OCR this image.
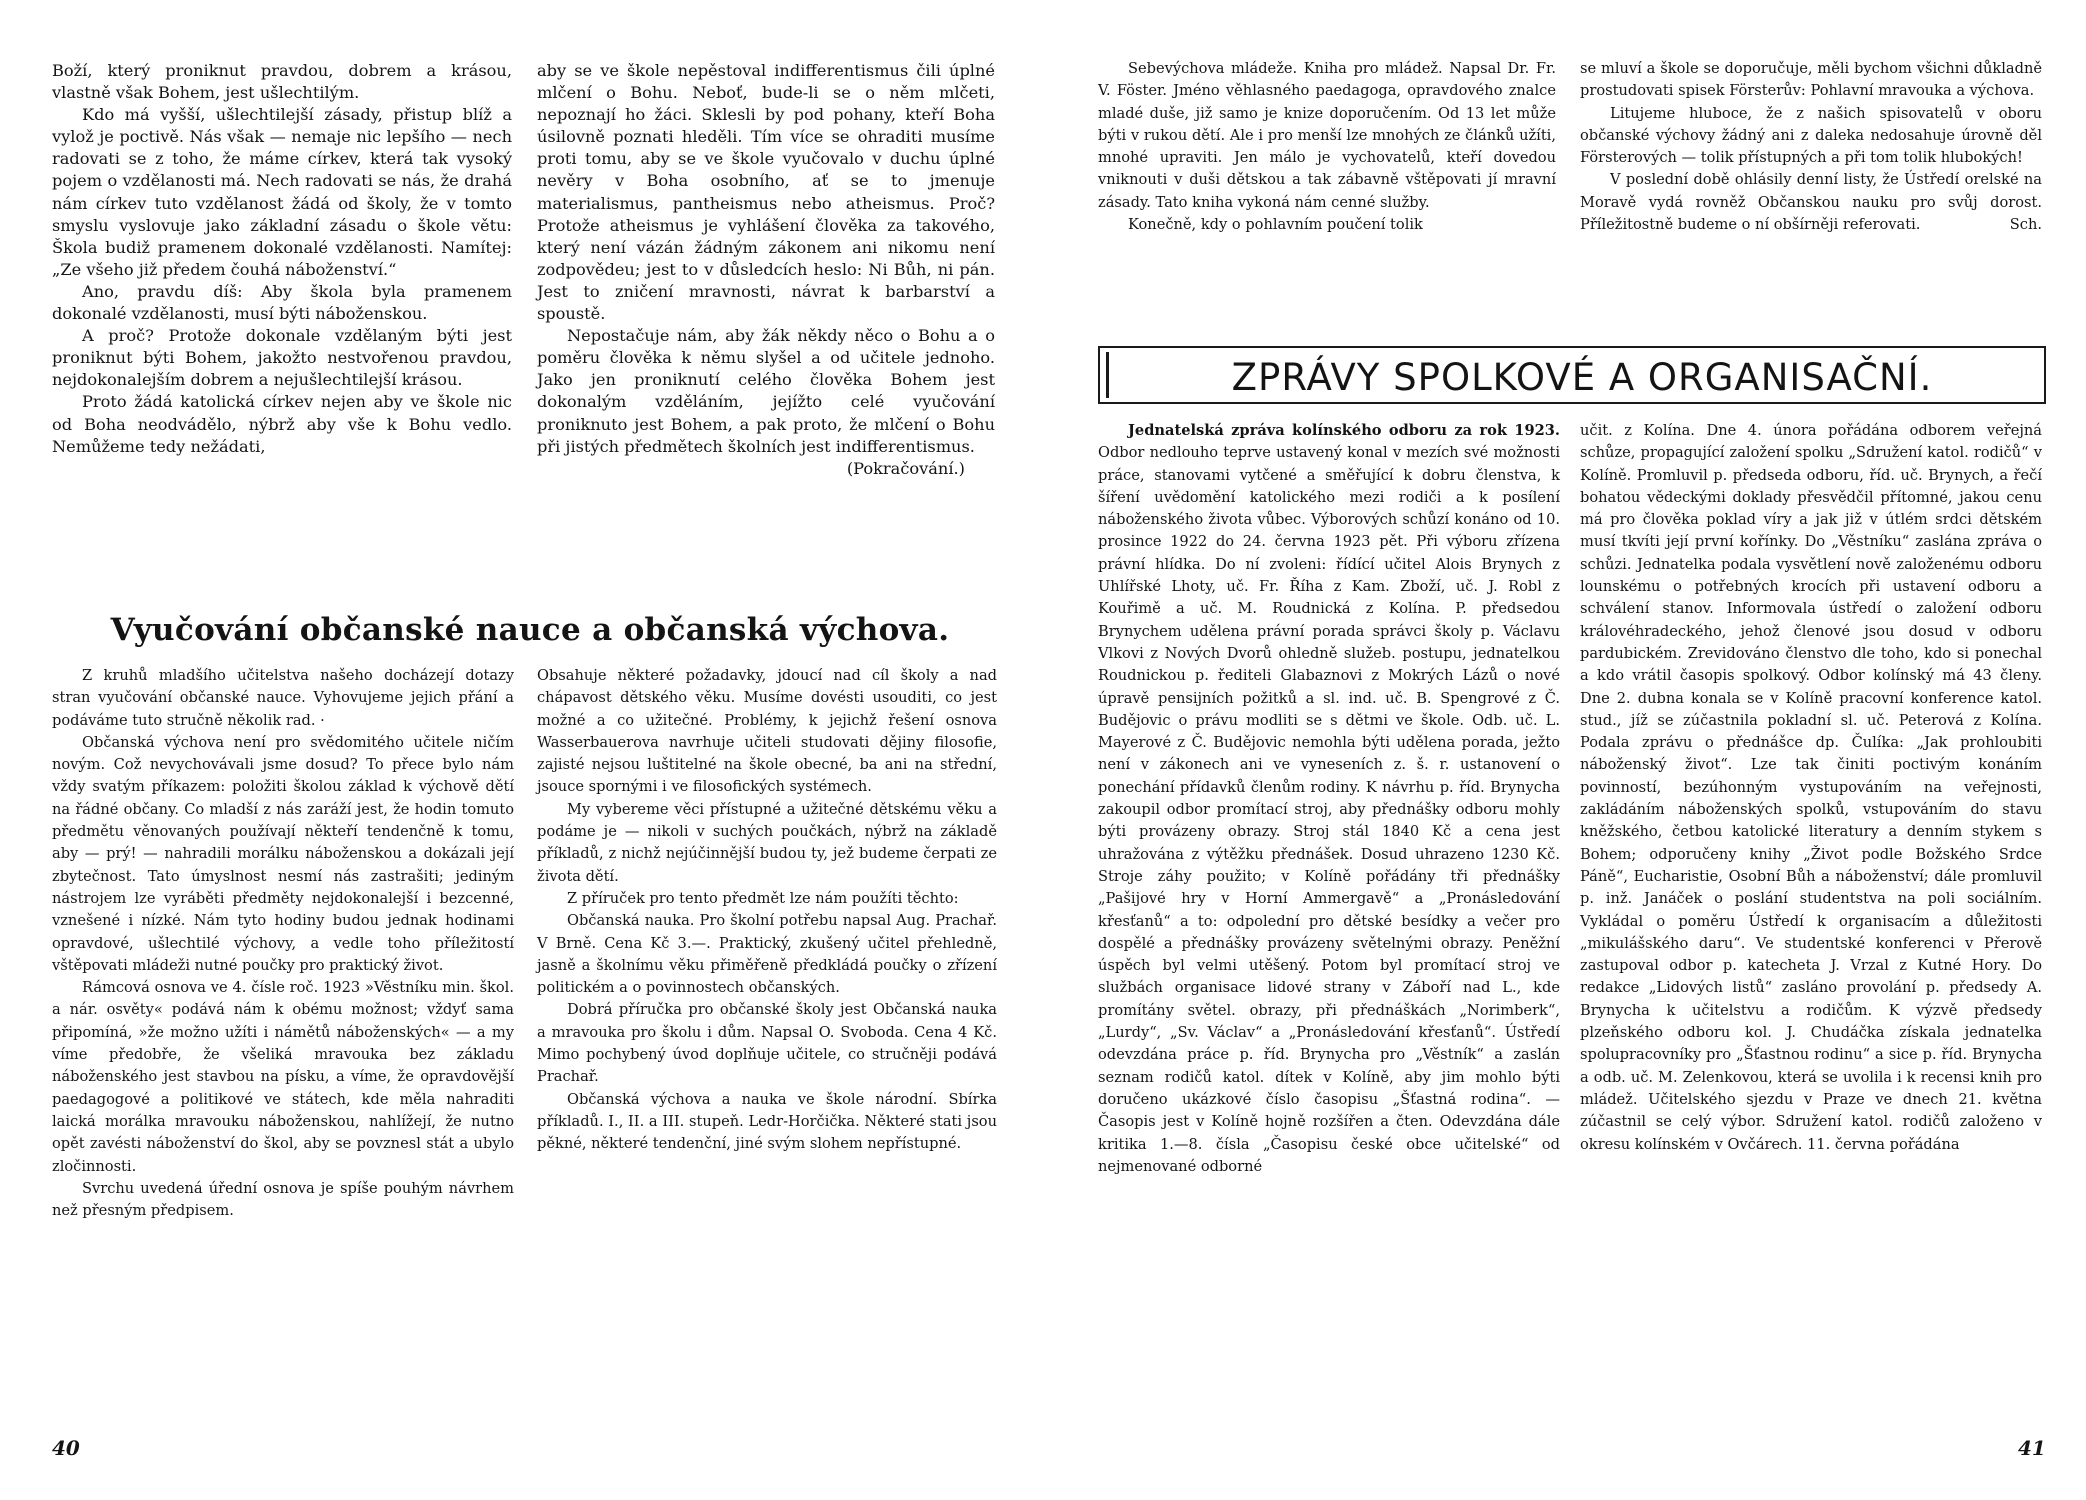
Boží, který proniknut pravdou, dobrem a krásou, vlastně však Bohem, jest ušlechtilým.

Kdo má vyšší, ušlechtilejší zásady, přistup blíž a vylož je poctivě. Nás však — nemaje nic lepšího — nech radovati se z toho, že máme církev, která tak vysoký pojem o vzdělanosti má. Nech radovati se nás, že drahá nám církev tuto vzdělanost žádá od školy, že v tomto smyslu vyslovuje jako základní zásadu o škole větu: Škola budiž pramenem dokonalé vzdělanosti. Namítej: „Ze všeho již předem čouhá náboženství.“

Ano, pravdu díš: Aby škola byla pramenem dokonalé vzdělanosti, musí býti náboženskou.

A proč? Protože dokonale vzdělaným býti jest proniknut býti Bohem, jakožto nestvořenou pravdou, nejdokonalejším dobrem a nejušlechtilejší krásou.

Proto žádá katolická církev nejen aby ve škole nic od Boha neodvádělo, nýbrž aby vše k Bohu vedlo. Nemůžeme tedy nežádati,

aby se ve škole nepěstoval indifferentismus čili úplné mlčení o Bohu. Neboť, bude-li se o něm mlčeti, nepoznají ho žáci. Sklesli by pod pohany, kteří Boha úsilovně poznati hleděli. Tím více se ohraditi musíme proti tomu, aby se ve škole vyučovalo v duchu úplné nevěry v Boha osobního, ať se to jmenuje materialismus, pantheismus nebo atheismus. Proč? Protože atheismus je vyhlášení člověka za takového, který není vázán žádným zákonem ani nikomu není zodpovědeu; jest to v důsledcích heslo: Ni Bůh, ni pán. Jest to zničení mravnosti, návrat k barbarství a spoustě.

Nepostačuje nám, aby žák někdy něco o Bohu a o poměru člověka k němu slyšel a od učitele jednoho. Jako jen proniknutí celého člověka Bohem jest dokonalým vzděláním, jejížto celé vyučování proniknuto jest Bohem, a pak proto, že mlčení o Bohu při jistých předmětech školních jest indifferentismus.

(Pokračování.)

Vyučování občanské nauce a občanská výchova.

Z kruhů mladšího učitelstva našeho docházejí dotazy stran vyučování občanské nauce. Vyhovujeme jejich přání a podáváme tuto stručně několik rad. ·

Občanská výchova není pro svědomitého učitele ničím novým. Což nevychovávali jsme dosud? To přece bylo nám vždy svatým příkazem: položiti školou základ k výchově dětí na řádné občany. Co mladší z nás zaráží jest, že hodin tomuto předmětu věnovaných používají někteří tendenčně k tomu, aby — prý! — nahradili morálku náboženskou a dokázali její zbytečnost. Tato úmyslnost nesmí nás zastrašiti; jediným nástrojem lze vyráběti předměty nejdokonalejší i bezcenné, vznešené i nízké. Nám tyto hodiny budou jednak hodinami opravdové, ušlechtilé výchovy, a vedle toho příležitostí vštěpovati mládeži nutné poučky pro praktický život.

Rámcová osnova ve 4. čísle roč. 1923 »Věstníku min. škol. a nár. osvěty« podává nám k obému možnost; vždyť sama připomíná, »že možno užíti i námětů náboženských« — a my víme předobře, že všeliká mravouka bez základu náboženského jest stavbou na písku, a víme, že opravdovější paedagogové a politikové ve státech, kde měla nahraditi laická morálka mravouku náboženskou, nahlížejí, že nutno opět zavésti náboženství do škol, aby se povznesl stát a ubylo zločinnosti.

Svrchu uvedená úřední osnova je spíše pouhým návrhem než přesným předpisem.

Obsahuje některé požadavky, jdoucí nad cíl školy a nad chápavost dětského věku. Musíme dovésti usouditi, co jest možné a co užitečné. Problémy, k jejichž řešení osnova Wasserbauerova navrhuje učiteli studovati dějiny filosofie, zajisté nejsou luštitelné na škole obecné, ba ani na střední, jsouce spornými i ve filosofických systémech.

My vybereme věci přístupné a užitečné dětskému věku a podáme je — nikoli v suchých poučkách, nýbrž na základě příkladů, z nichž nejúčinnější budou ty, jež budeme čerpati ze života dětí.

Z příruček pro tento předmět lze nám použíti těchto:

Občanská nauka. Pro školní potřebu napsal Aug. Prachař. V Brně. Cena Kč 3.—. Praktický, zkušený učitel přehledně, jasně a školnímu věku přiměřeně předkládá poučky o zřízení politickém a o povinnostech občanských.

Dobrá příručka pro občanské školy jest Občanská nauka a mravouka pro školu i dům. Napsal O. Svoboda. Cena 4 Kč. Mimo pochybený úvod doplňuje učitele, co stručněji podává Prachař.

Občanská výchova a nauka ve škole národní. Sbírka příkladů. I., II. a III. stupeň. Ledr-Horčička. Některé stati jsou pěkné, některé tendenční, jiné svým slohem nepřístupné.

40

Sebevýchova mládeže. Kniha pro mládež. Napsal Dr. Fr. V. Föster. Jméno věhlasného paedagoga, opravdového znalce mladé duše, již samo je knize doporučením. Od 13 let může býti v rukou dětí. Ale i pro menší lze mnohých ze článků užíti, mnohé upraviti. Jen málo je vychovatelů, kteří dovedou vniknouti v duši dětskou a tak zábavně vštěpovati jí mravní zásady. Tato kniha vykoná nám cenné služby.

Konečně, kdy o pohlavním poučení tolik

se mluví a škole se doporučuje, měli bychom všichni důkladně prostudovati spisek Försterův: Pohlavní mravouka a výchova.

Litujeme hluboce, že z našich spisovatelů v oboru občanské výchovy žádný ani z daleka nedosahuje úrovně děl Försterových — tolik přístupných a při tom tolik hlubokých!

V poslední době ohlásily denní listy, že Ústředí orelské na Moravě vydá rovněž Občanskou nauku pro svůj dorost. Příležitostně budeme o ní obšírněji referovati.	Sch.

ZPRÁVY SPOLKOVÉ A ORGANISAČNÍ.

Jednatelská zpráva kolínského odboru za rok 1923. Odbor nedlouho teprve ustavený konal v mezích své možnosti práce, stanovami vytčené a směřující k dobru členstva, k šíření uvědomění katolického mezi rodiči a k posílení náboženského života vůbec. Výborových schůzí konáno od 10. prosince 1922 do 24. června 1923 pět. Při výboru zřízena právní hlídka. Do ní zvoleni: řídící učitel Alois Brynych z Uhlířské Lhoty, uč. Fr. Říha z Kam. Zboží, uč. J. Robl z Kouřimě a uč. M. Roudnická z Kolína. P. předsedou Brynychem udělena právní porada správci školy p. Václavu Vlkovi z Nových Dvorů ohledně služeb. postupu, jednatelkou Roudnickou p. řediteli Glabaznovi z Mokrých Lázů o nové úpravě pensijních požitků a sl. ind. uč. B. Spengrové z Č. Budějovic o právu modliti se s dětmi ve škole. Odb. uč. L. Mayerové z Č. Budějovic nemohla býti udělena porada, ježto není v zákonech ani ve vyneseních z. š. r. ustanovení o ponechání přídavků členům rodiny. K návrhu p. říd. Brynycha zakoupil odbor promítací stroj, aby přednášky odboru mohly býti provázeny obrazy. Stroj stál 1840 Kč a cena jest uhražována z výtěžku přednášek. Dosud uhrazeno 1230 Kč. Stroje záhy použito; v Kolíně pořádány tři přednášky „Pašijové hry v Horní Ammergavě“ a „Pronásledování křesťanů“ a to: odpolední pro dětské besídky a večer pro dospělé a přednášky provázeny světelnými obrazy. Peněžní úspěch byl velmi utěšený. Potom byl promítací stroj ve službách organisace lidové strany v Záboří nad L., kde promítány světel. obrazy, při přednáškách „Norimberk“, „Lurdy“, „Sv. Václav“ a „Pronásledování křesťanů“. Ústředí odevzdána práce p. říd. Brynycha pro „Věstník“ a zaslán seznam rodičů katol. dítek v Kolíně, aby jim mohlo býti doručeno ukázkové číslo časopisu „Šťastná rodina“. — Časopis jest v Kolíně hojně rozšířen a čten. Odevzdána dále kritika 1.—8. čísla „Časopisu české obce učitelské“ od nejmenované odborné

učit. z Kolína. Dne 4. února pořádána odborem veřejná schůze, propagující založení spolku „Sdružení katol. rodičů“ v Kolíně. Promluvil p. předseda odboru, říd. uč. Brynych, a řečí bohatou vědeckými doklady přesvědčil přítomné, jakou cenu má pro člověka poklad víry a jak již v útlém srdci dětském musí tkvíti její první kořínky. Do „Věstníku“ zaslána zpráva o schůzi. Jednatelka podala vysvětlení nově založenému odboru lounskému o potřebných krocích při ustavení odboru a schválení stanov. Informovala ústředí o založení odboru královéhradeckého, jehož členové jsou dosud v odboru pardubickém. Zrevidováno členstvo dle toho, kdo si ponechal a kdo vrátil časopis spolkový. Odbor kolínský má 43 členy. Dne 2. dubna konala se v Kolíně pracovní konference katol. stud., jíž se zúčastnila pokladní sl. uč. Peterová z Kolína. Podala zprávu o přednášce dp. Čulíka: „Jak prohloubiti náboženský život“. Lze tak činiti poctivým konáním povinností, bezúhonným vystupováním na veřejnosti, zakládáním náboženských spolků, vstupováním do stavu kněžského, četbou katolické literatury a denním stykem s Bohem; odporučeny knihy „Život podle Božského Srdce Páně“, Eucharistie, Osobní Bůh a náboženství; dále promluvil p. inž. Janáček o poslání studentstva na poli sociálním. Vykládal o poměru Ústředí k organisacím a důležitosti „mikulášského daru“. Ve studentské konferenci v Přerově zastupoval odbor p. katecheta J. Vrzal z Kutné Hory. Do redakce „Lidových listů“ zasláno provolání p. předsedy A. Brynycha k učitelstvu a rodičům. K výzvě předsedy plzeňského odboru kol. J. Chudáčka získala jednatelka spolupracovníky pro „Šťastnou rodinu“ a sice p. říd. Brynycha a odb. uč. M. Zelenkovou, která se uvolila i k recensi knih pro mládež. Učitelského sjezdu v Praze ve dnech 21. května zúčastnil se celý výbor. Sdružení katol. rodičů založeno v okresu kolínském v Ovčárech. 11. června pořádána

41
